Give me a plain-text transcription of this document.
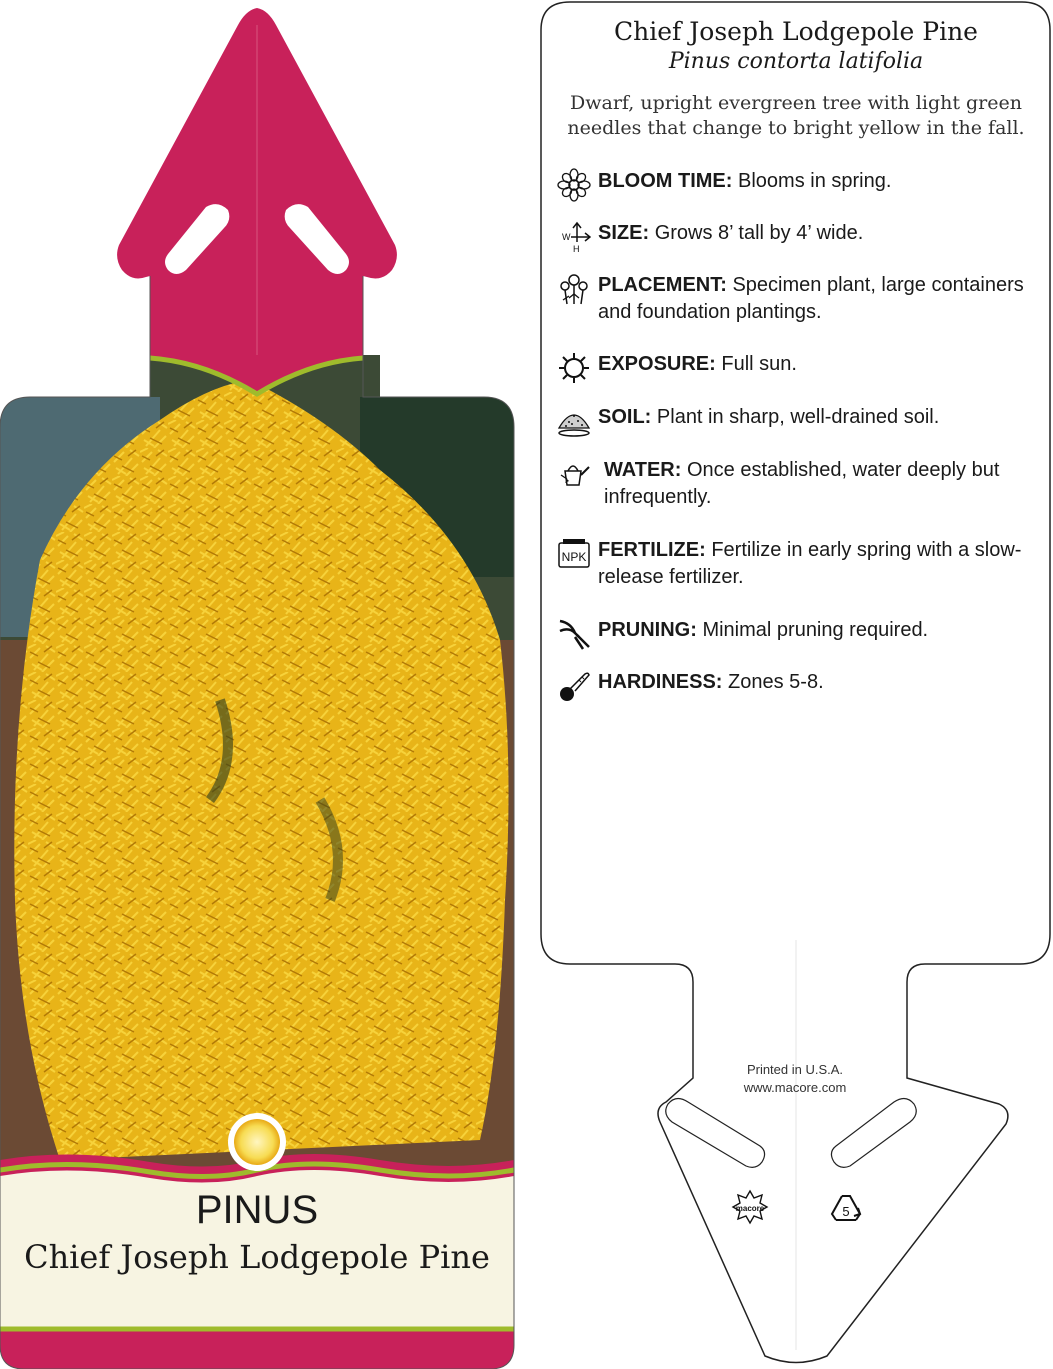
PINUS
Chief Joseph Lodgepole Pine
macore	5
Chief Joseph Lodgepole Pine
Pinus contorta latifolia
Dwarf, upright evergreen tree with light green needles that change to bright yellow in the fall.
BLOOM TIME: Blooms in spring.
W
H
SIZE: Grows 8’ tall by 4’ wide.
PLACEMENT: Specimen plant, large containers and foundation plantings.
EXPOSURE: Full sun.
SOIL: Plant in sharp, well-drained soil.
WATER: Once established, water deeply but infrequently.
NPK FERTILIZE: Fertilize in early spring with a slow-release fertilizer.
PRUNING: Minimal pruning required.
HARDINESS: Zones 5-8.
Printed in U.S.A.
www.macore.com
